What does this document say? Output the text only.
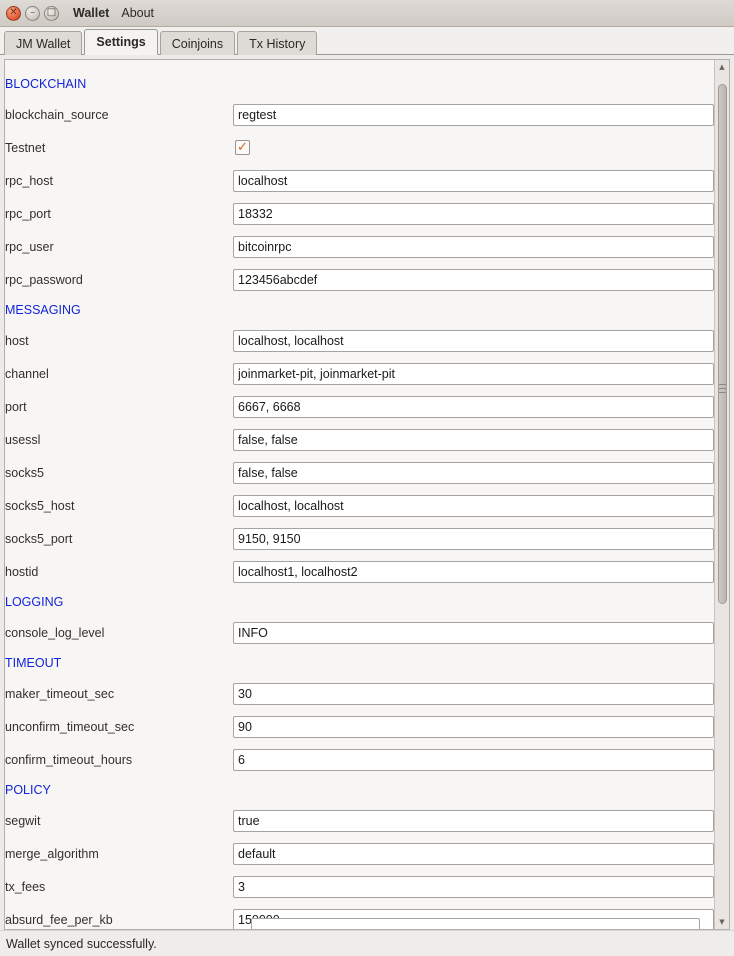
✕	–	□ Wallet About
JM Wallet	Settings	Coinjoins	Tx History
BLOCKCHAIN	
blockchain_source	regtest
Testnet	✓
rpc_host	localhost
rpc_port	18332
rpc_user	bitcoinrpc
rpc_password	123456abcdef
MESSAGING	
host	localhost, localhost
channel	joinmarket-pit, joinmarket-pit
port	6667, 6668
usessl	false, false
socks5	false, false
socks5_host	localhost, localhost
socks5_port	9150, 9150
hostid	localhost1, localhost2
LOGGING	
console_log_level	INFO
TIMEOUT	
maker_timeout_sec	30
unconfirm_timeout_sec	90
confirm_timeout_hours	6
POLICY	
segwit	true
merge_algorithm	default
tx_fees	3
absurd_fee_per_kb	150000
▲
▼
Wallet synced successfully.
